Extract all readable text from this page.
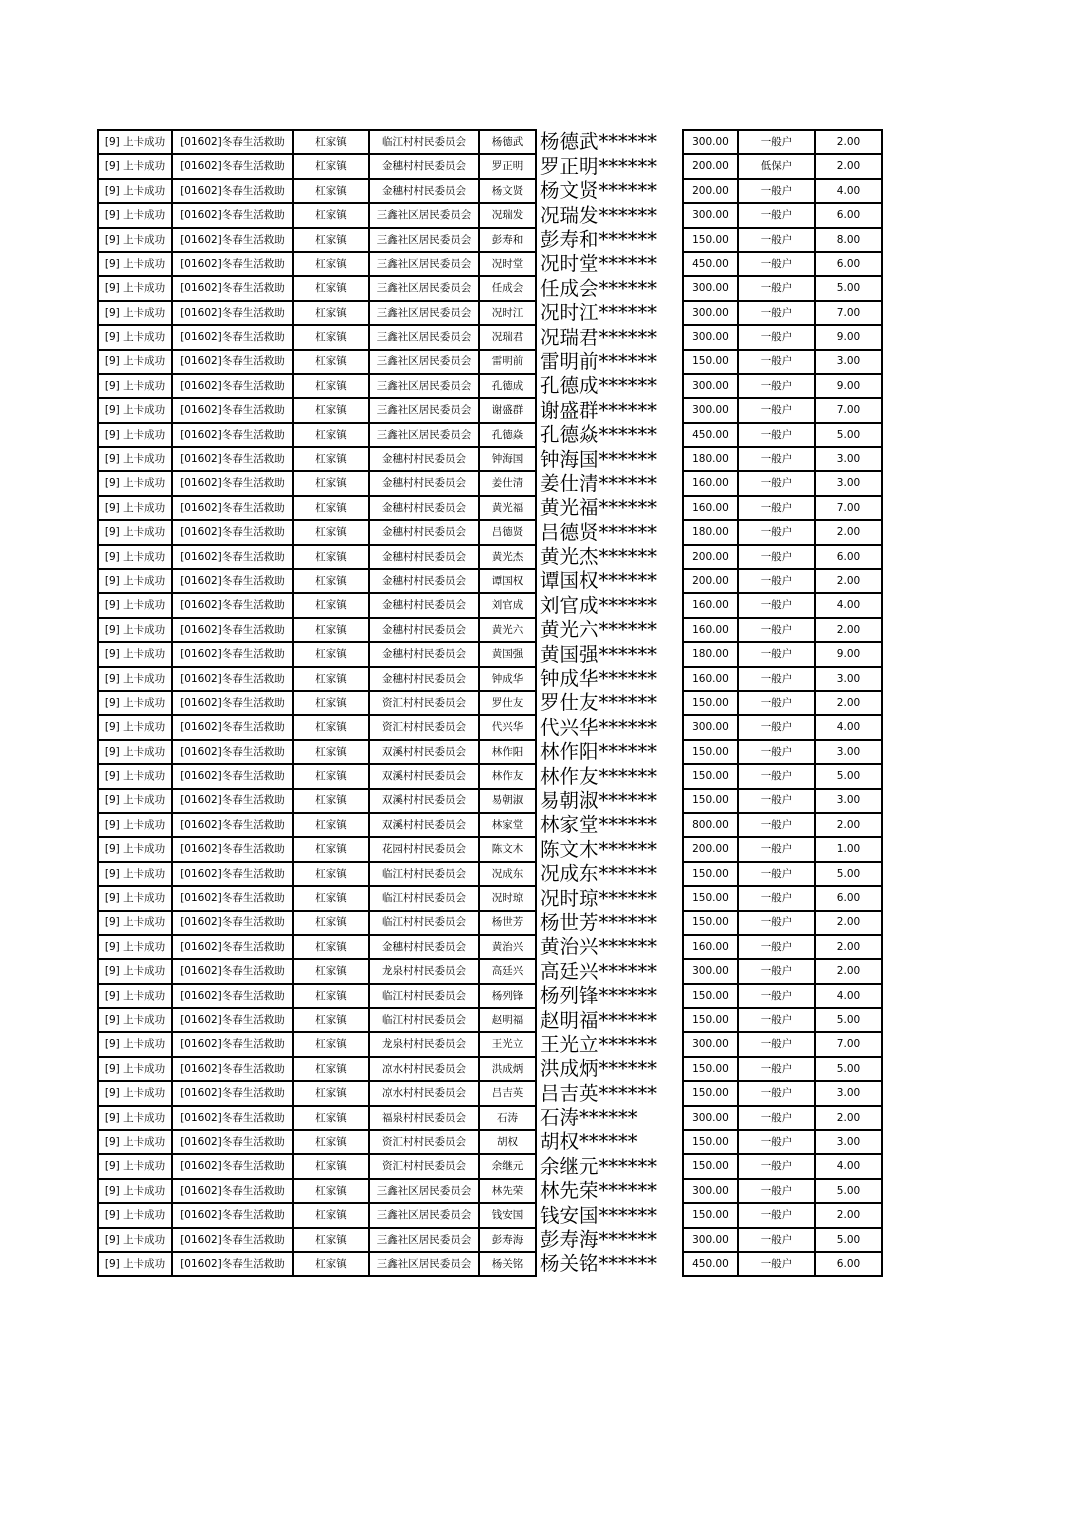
[9] 上卡成功	[01602]冬春生活救助	杠家镇	临江村村民委员会	杨德武	杨德武******	300.00	一般户	2.00
[9] 上卡成功	[01602]冬春生活救助	杠家镇	金穗村村民委员会	罗正明	罗正明******	200.00	低保户	2.00
[9] 上卡成功	[01602]冬春生活救助	杠家镇	金穗村村民委员会	杨文贤	杨文贤******	200.00	一般户	4.00
[9] 上卡成功	[01602]冬春生活救助	杠家镇	三鑫社区居民委员会	况瑞发	况瑞发******	300.00	一般户	6.00
[9] 上卡成功	[01602]冬春生活救助	杠家镇	三鑫社区居民委员会	彭寿和	彭寿和******	150.00	一般户	8.00
[9] 上卡成功	[01602]冬春生活救助	杠家镇	三鑫社区居民委员会	况时堂	况时堂******	450.00	一般户	6.00
[9] 上卡成功	[01602]冬春生活救助	杠家镇	三鑫社区居民委员会	任成会	任成会******	300.00	一般户	5.00
[9] 上卡成功	[01602]冬春生活救助	杠家镇	三鑫社区居民委员会	况时江	况时江******	300.00	一般户	7.00
[9] 上卡成功	[01602]冬春生活救助	杠家镇	三鑫社区居民委员会	况瑞君	况瑞君******	300.00	一般户	9.00
[9] 上卡成功	[01602]冬春生活救助	杠家镇	三鑫社区居民委员会	雷明前	雷明前******	150.00	一般户	3.00
[9] 上卡成功	[01602]冬春生活救助	杠家镇	三鑫社区居民委员会	孔德成	孔德成******	300.00	一般户	9.00
[9] 上卡成功	[01602]冬春生活救助	杠家镇	三鑫社区居民委员会	谢盛群	谢盛群******	300.00	一般户	7.00
[9] 上卡成功	[01602]冬春生活救助	杠家镇	三鑫社区居民委员会	孔德焱	孔德焱******	450.00	一般户	5.00
[9] 上卡成功	[01602]冬春生活救助	杠家镇	金穗村村民委员会	钟海国	钟海国******	180.00	一般户	3.00
[9] 上卡成功	[01602]冬春生活救助	杠家镇	金穗村村民委员会	姜仕清	姜仕清******	160.00	一般户	3.00
[9] 上卡成功	[01602]冬春生活救助	杠家镇	金穗村村民委员会	黄光福	黄光福******	160.00	一般户	7.00
[9] 上卡成功	[01602]冬春生活救助	杠家镇	金穗村村民委员会	吕德贤	吕德贤******	180.00	一般户	2.00
[9] 上卡成功	[01602]冬春生活救助	杠家镇	金穗村村民委员会	黄光杰	黄光杰******	200.00	一般户	6.00
[9] 上卡成功	[01602]冬春生活救助	杠家镇	金穗村村民委员会	谭国权	谭国权******	200.00	一般户	2.00
[9] 上卡成功	[01602]冬春生活救助	杠家镇	金穗村村民委员会	刘官成	刘官成******	160.00	一般户	4.00
[9] 上卡成功	[01602]冬春生活救助	杠家镇	金穗村村民委员会	黄光六	黄光六******	160.00	一般户	2.00
[9] 上卡成功	[01602]冬春生活救助	杠家镇	金穗村村民委员会	黄国强	黄国强******	180.00	一般户	9.00
[9] 上卡成功	[01602]冬春生活救助	杠家镇	金穗村村民委员会	钟成华	钟成华******	160.00	一般户	3.00
[9] 上卡成功	[01602]冬春生活救助	杠家镇	资汇村村民委员会	罗仕友	罗仕友******	150.00	一般户	2.00
[9] 上卡成功	[01602]冬春生活救助	杠家镇	资汇村村民委员会	代兴华	代兴华******	300.00	一般户	4.00
[9] 上卡成功	[01602]冬春生活救助	杠家镇	双溪村村民委员会	林作阳	林作阳******	150.00	一般户	3.00
[9] 上卡成功	[01602]冬春生活救助	杠家镇	双溪村村民委员会	林作友	林作友******	150.00	一般户	5.00
[9] 上卡成功	[01602]冬春生活救助	杠家镇	双溪村村民委员会	易朝淑	易朝淑******	150.00	一般户	3.00
[9] 上卡成功	[01602]冬春生活救助	杠家镇	双溪村村民委员会	林家堂	林家堂******	800.00	一般户	2.00
[9] 上卡成功	[01602]冬春生活救助	杠家镇	花园村村民委员会	陈文木	陈文木******	200.00	一般户	1.00
[9] 上卡成功	[01602]冬春生活救助	杠家镇	临江村村民委员会	况成东	况成东******	150.00	一般户	5.00
[9] 上卡成功	[01602]冬春生活救助	杠家镇	临江村村民委员会	况时琼	况时琼******	150.00	一般户	6.00
[9] 上卡成功	[01602]冬春生活救助	杠家镇	临江村村民委员会	杨世芳	杨世芳******	150.00	一般户	2.00
[9] 上卡成功	[01602]冬春生活救助	杠家镇	金穗村村民委员会	黄治兴	黄治兴******	160.00	一般户	2.00
[9] 上卡成功	[01602]冬春生活救助	杠家镇	龙泉村村民委员会	高廷兴	高廷兴******	300.00	一般户	2.00
[9] 上卡成功	[01602]冬春生活救助	杠家镇	临江村村民委员会	杨列锋	杨列锋******	150.00	一般户	4.00
[9] 上卡成功	[01602]冬春生活救助	杠家镇	临江村村民委员会	赵明福	赵明福******	150.00	一般户	5.00
[9] 上卡成功	[01602]冬春生活救助	杠家镇	龙泉村村民委员会	王光立	王光立******	300.00	一般户	7.00
[9] 上卡成功	[01602]冬春生活救助	杠家镇	凉水村村民委员会	洪成炳	洪成炳******	150.00	一般户	5.00
[9] 上卡成功	[01602]冬春生活救助	杠家镇	凉水村村民委员会	吕吉英	吕吉英******	150.00	一般户	3.00
[9] 上卡成功	[01602]冬春生活救助	杠家镇	福泉村村民委员会	石涛	石涛******	300.00	一般户	2.00
[9] 上卡成功	[01602]冬春生活救助	杠家镇	资汇村村民委员会	胡权	胡权******	150.00	一般户	3.00
[9] 上卡成功	[01602]冬春生活救助	杠家镇	资汇村村民委员会	余继元	余继元******	150.00	一般户	4.00
[9] 上卡成功	[01602]冬春生活救助	杠家镇	三鑫社区居民委员会	林先荣	林先荣******	300.00	一般户	5.00
[9] 上卡成功	[01602]冬春生活救助	杠家镇	三鑫社区居民委员会	钱安国	钱安国******	150.00	一般户	2.00
[9] 上卡成功	[01602]冬春生活救助	杠家镇	三鑫社区居民委员会	彭寿海	彭寿海******	300.00	一般户	5.00
[9] 上卡成功	[01602]冬春生活救助	杠家镇	三鑫社区居民委员会	杨关铭	杨关铭******	450.00	一般户	6.00
